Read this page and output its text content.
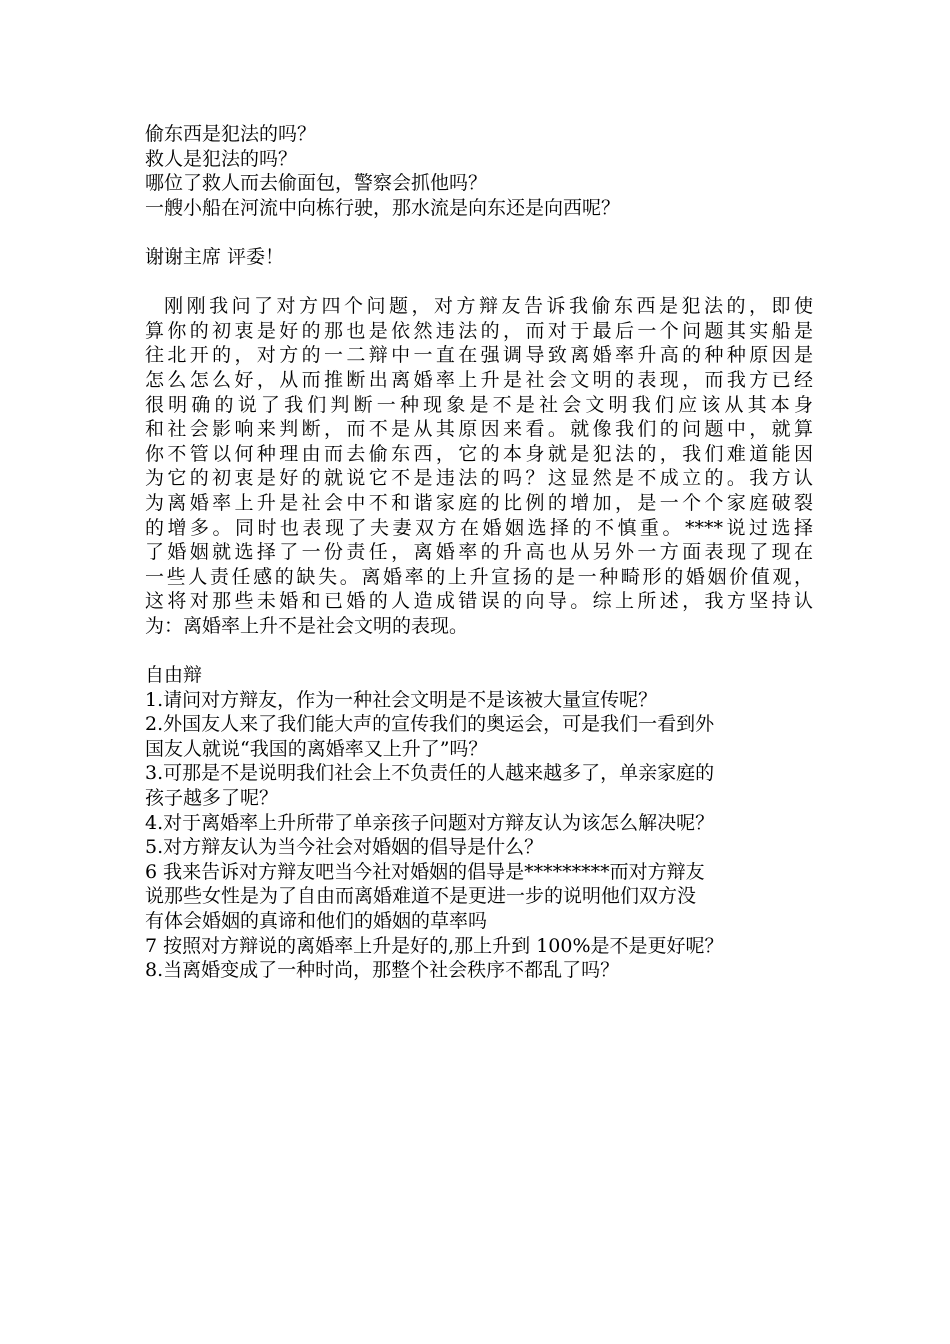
偷东西是犯法的吗？
救人是犯法的吗？
哪位了救人而去偷面包，警察会抓他吗？
一艘小船在河流中向栋行驶，那水流是向东还是向西呢？
谢谢主席 评委！
刚刚我问了对方四个问题，对方辩友告诉我偷东西是犯法的，即使
算你的初衷是好的那也是依然违法的，而对于最后一个问题其实船是
往北开的，对方的一二辩中一直在强调导致离婚率升高的种种原因是
怎么怎么好，从而推断出离婚率上升是社会文明的表现，而我方已经
很明确的说了我们判断一种现象是不是社会文明我们应该从其本身
和社会影响来判断，而不是从其原因来看。就像我们的问题中，就算
你不管以何种理由而去偷东西，它的本身就是犯法的，我们难道能因
为它的初衷是好的就说它不是违法的吗？这显然是不成立的。我方认
为离婚率上升是社会中不和谐家庭的比例的增加，是一个个家庭破裂
的增多。同时也表现了夫妻双方在婚姻选择的不慎重。****说过选择
了婚姻就选择了一份责任，离婚率的升高也从另外一方面表现了现在
一些人责任感的缺失。离婚率的上升宣扬的是一种畸形的婚姻价值观，
这将对那些未婚和已婚的人造成错误的向导。综上所述，我方坚持认
为：离婚率上升不是社会文明的表现。
自由辩
1.请问对方辩友，作为一种社会文明是不是该被大量宣传呢？
2.外国友人来了我们能大声的宣传我们的奥运会，可是我们一看到外
国友人就说“我国的离婚率又上升了”吗？
3.可那是不是说明我们社会上不负责任的人越来越多了，单亲家庭的
孩子越多了呢？
4.对于离婚率上升所带了单亲孩子问题对方辩友认为该怎么解决呢？
5.对方辩友认为当今社会对婚姻的倡导是什么？
6 我来告诉对方辩友吧当今社对婚姻的倡导是*********而对方辩友
说那些女性是为了自由而离婚难道不是更进一步的说明他们双方没
有体会婚姻的真谛和他们的婚姻的草率吗
7 按照对方辩说的离婚率上升是好的,那上升到 100%是不是更好呢？
8.当离婚变成了一种时尚，那整个社会秩序不都乱了吗？
